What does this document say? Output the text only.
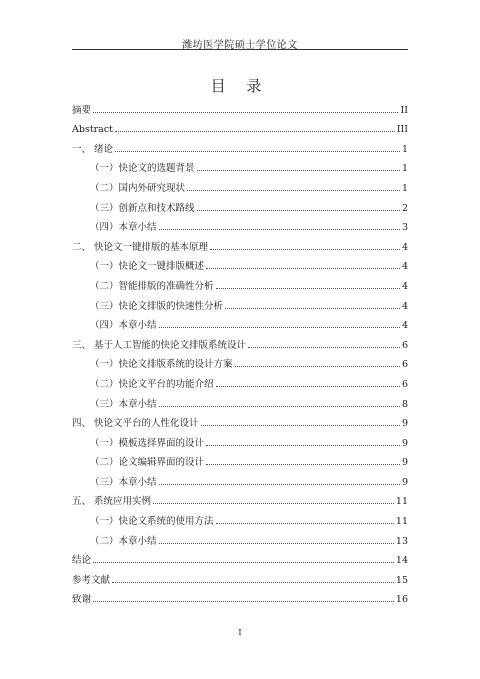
潍坊医学院硕士学位论文
目 录
摘要	II
Abstract	III
一、 绪论	1
（一）快论文的选题背景	1
（二）国内外研究现状	1
（三）创新点和技术路线	2
（四）本章小结	3
二、 快论文一键排版的基本原理	4
（一）快论文一键排版概述	4
（二）智能排版的准确性分析	4
（三）快论文排版的快速性分析	4
（四）本章小结	4
三、 基于人工智能的快论文排版系统设计	6
（一）快论文排版系统的设计方案	6
（二）快论文平台的功能介绍	6
（三）本章小结	8
四、 快论文平台的人性化设计	9
（一）模板选择界面的设计	9
（二）论文编辑界面的设计	9
（三）本章小结	9
五、 系统应用实例	11
（一）快论文系统的使用方法	11
（二）本章小结	13
结论	14
参考文献	15
致谢	16
I
